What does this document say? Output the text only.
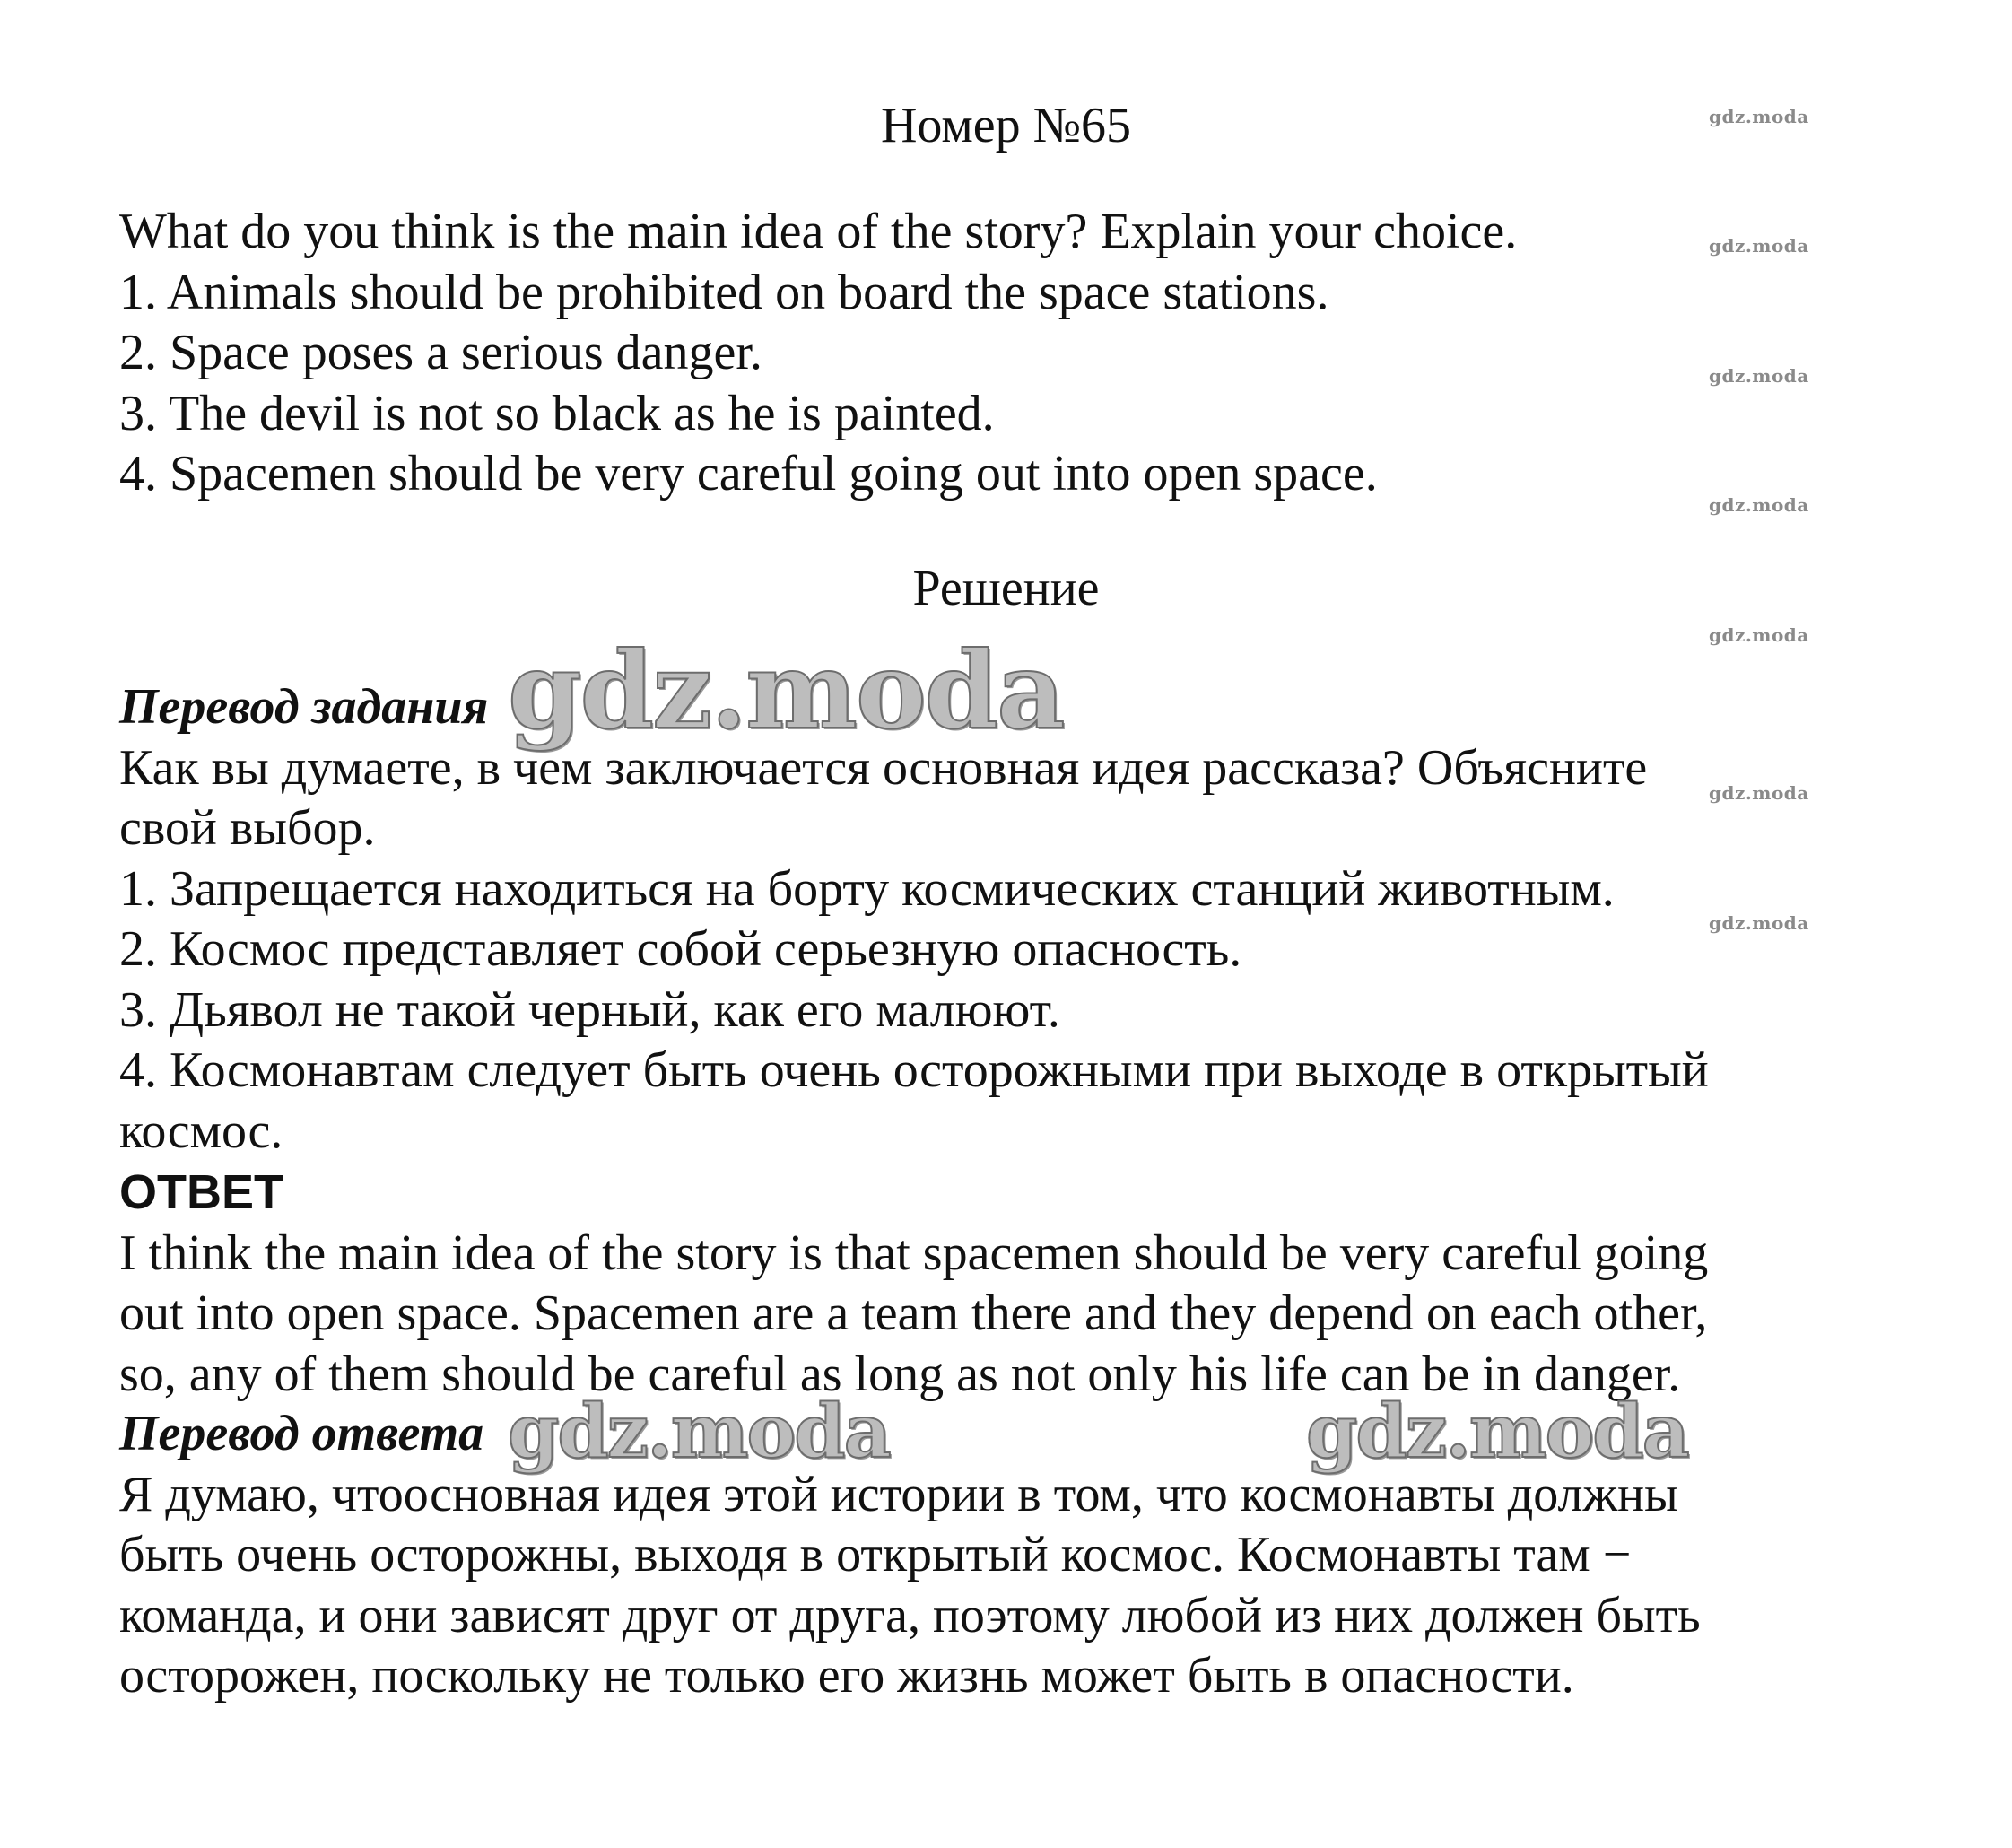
Номер №65

What do you think is the main idea of the story? Explain your choice.

1. Animals should be prohibited on board the space stations.

2. Space poses a serious danger.

3. The devil is not so black as he is painted.

4. Spacemen should be very careful going out into open space.

Решение

Перевод задания

Как вы думаете, в чем заключается основная идея рассказа? Объясните

свой выбор.

1. Запрещается находиться на борту космических станций животным.

2. Космос представляет собой серьезную опасность.

3. Дьявол не такой черный, как его малюют.

4. Космонавтам следует быть очень осторожными при выходе в открытый

космос.

ОТВЕТ

I think the main idea of the story is that spacemen should be very careful going

out into open space. Spacemen are a team there and they depend on each other,

so, any of them should be careful as long as not only his life can be in danger.

Перевод ответа

Я думаю, чтоосновная идея этой истории в том, что космонавты должны

быть очень осторожны, выходя в открытый космос. Космонавты там −

команда, и они зависят друг от друга, поэтому любой из них должен быть

осторожен, поскольку не только его жизнь может быть в опасности.

gdz.moda
gdz.moda
gdz.moda
gdz.moda
gdz.moda
gdz.moda
gdz.moda
gdz.moda
gdz.moda	gdz.moda
